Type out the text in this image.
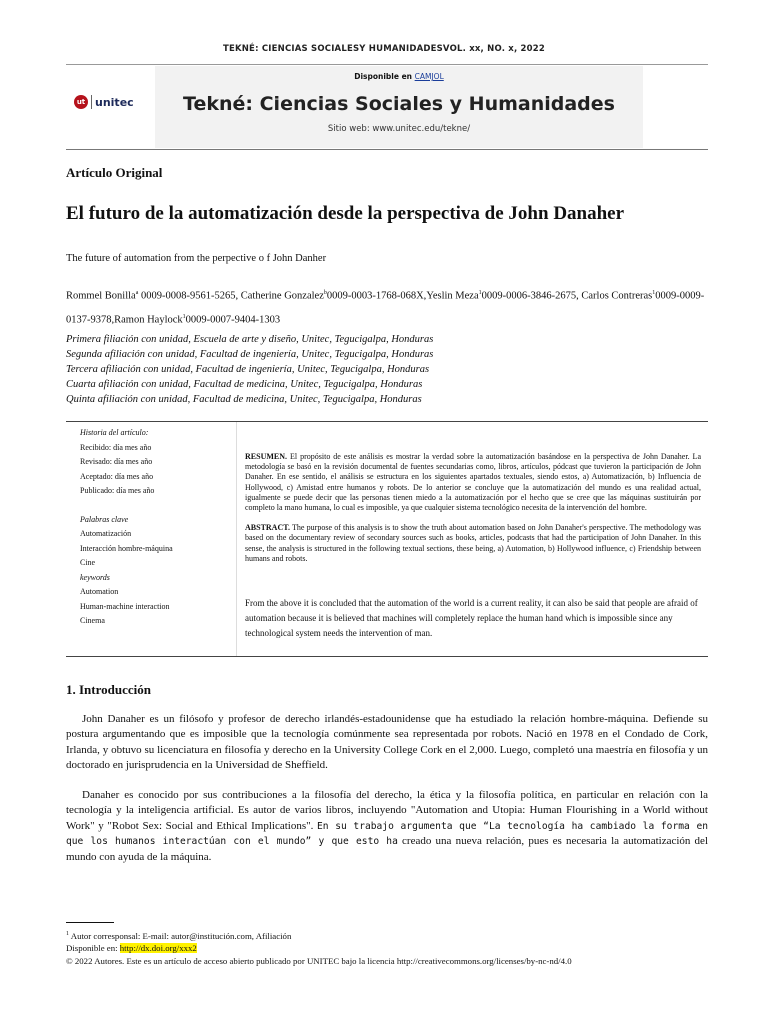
TEKNÉ: CIENCIAS SOCIALESY HUMANIDADESVOL. xx, NO. x, 2022
Disponible en CAMJOL
Tekné: Ciencias Sociales y Humanidades
Sitio web: www.unitec.edu/tekne/
ut unitec
Artículo Original
El futuro de la automatización desde la perspectiva de John Danaher
The future of automation from the perpective o f John Danher
Rommel Bonilla$^a$ 0009-0008-9561-5265, Catherine Gonzalez$^b$0009-0003-1768-068X,Yeslin Meza$^1$0009-0006-3846-2675, Carlos Contreras$^1$0009-0009-0137-9378,Ramon Haylock$^1$0009-0007-9404-1303
Primera filiación con unidad, Escuela de arte y diseño, Unitec, Tegucigalpa, Honduras
Segunda afiliación con unidad, Facultad de ingeniería, Unitec, Tegucigalpa, Honduras
Tercera afiliación con unidad, Facultad de ingeniería, Unitec, Tegucigalpa, Honduras
Cuarta afiliación con unidad, Facultad de medicina, Unitec, Tegucigalpa, Honduras
Quinta afiliación con unidad, Facultad de medicina, Unitec, Tegucigalpa, Honduras
Historia del artículo:
Recibido: día mes año
Revisado: día mes año
Aceptado: día mes año
Publicado: día mes año
Palabras clave
Automatización
Interacción hombre-máquina
Cine
keywords
Automation
Human-machine interaction
Cinema
RESUMEN. El propósito de este análisis es mostrar la verdad sobre la automatización basándose en la perspectiva de John Danaher. La metodología se basó en la revisión documental de fuentes secundarias como, libros, artículos, pódcast que tuvieron la participación de John Danaher. En ese sentido, el análisis se estructura en los siguientes apartados textuales, siendo estos, a) Automatización, b) Influencia de Hollywood, c) Amistad entre humanos y robots. De lo anterior se concluye que la automatización del mundo es una realidad actual, igualmente se puede decir que las personas tienen miedo a la automatización por el hecho que se cree que las máquinas sustituirán por completo la mano humana, lo cual es imposible, ya que cualquier sistema tecnológico necesita de la intervención del hombre.
ABSTRACT. The purpose of this analysis is to show the truth about automation based on John Danaher's perspective. The methodology was based on the documentary review of secondary sources such as books, articles, podcasts that had the participation of John Danaher. In this sense, the analysis is structured in the following textual sections, these being, a) Automation, b) Hollywood influence, c) Friendship between humans and robots.
From the above it is concluded that the automation of the world is a current reality, it can also be said that people are afraid of automation because it is believed that machines will completely replace the human hand which is impossible since any technological system needs the intervention of man.
1. Introducción
John Danaher es un filósofo y profesor de derecho irlandés-estadounidense que ha estudiado la relación hombre-máquina. Defiende su postura argumentando que es imposible que la tecnología comúnmente sea representada por robots. Nació en 1978 en el Condado de Cork, Irlanda, y obtuvo su licenciatura en filosofía y derecho en la University College Cork en el 2,000. Luego, completó una maestría en filosofía y un doctorado en jurisprudencia en la Universidad de Sheffield.
Danaher es conocido por sus contribuciones a la filosofía del derecho, la ética y la filosofía política, en particular en relación con la tecnología y la inteligencia artificial. Es autor de varios libros, incluyendo "Automation and Utopia: Human Flourishing in a World without Work" y "Robot Sex: Social and Ethical Implications". En su trabajo argumenta que “La tecnología ha cambiado la forma en que los humanos interactúan con el mundo” y que esto ha creado una nueva relación, pues es necesaria la automatización del mundo con ayuda de la máquina.
$^1$ Autor corresponsal: E-mail: autor@institución.com, Afiliación
Disponible en: http://dx.doi.org/xxx2
© 2022 Autores. Este es un artículo de acceso abierto publicado por UNITEC bajo la licencia http://creativecommons.org/licenses/by-nc-nd/4.0
